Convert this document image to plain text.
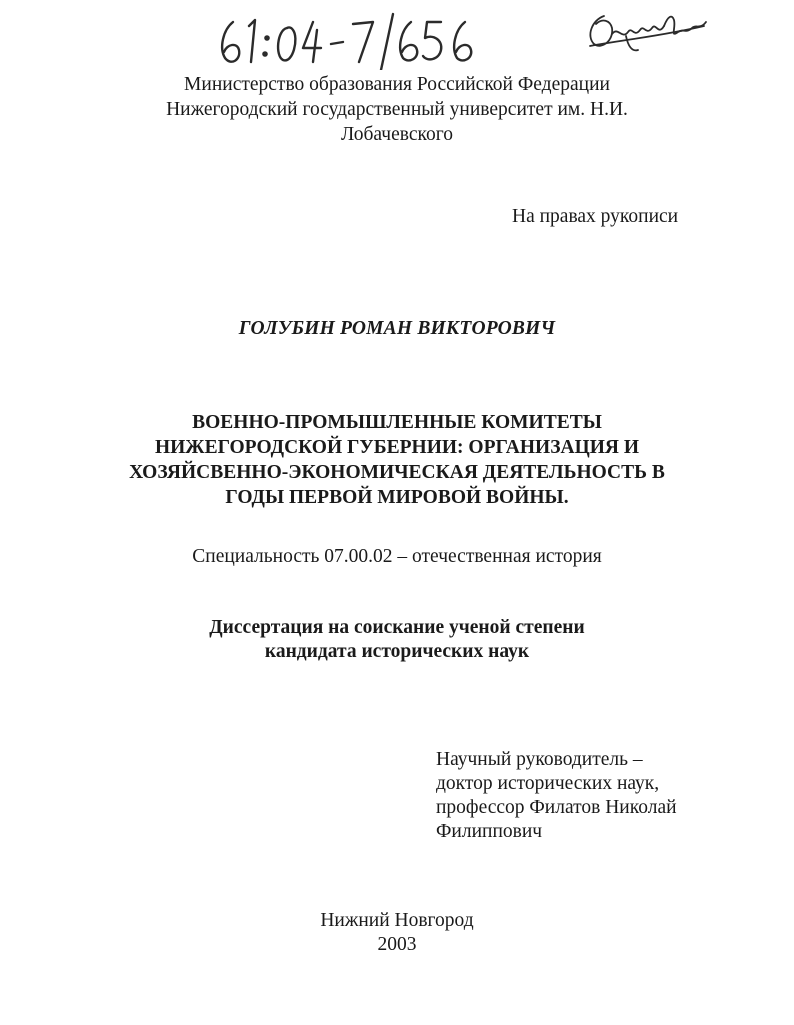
Министерство образования Российской Федерации
Нижегородский государственный университет им. Н.И.
Лобачевского
На правах рукописи
ГОЛУБИН РОМАН ВИКТОРОВИЧ
ВОЕННО-ПРОМЫШЛЕННЫЕ КОМИТЕТЫ
НИЖЕГОРОДСКОЙ ГУБЕРНИИ: ОРГАНИЗАЦИЯ И
ХОЗЯЙСВЕННО-ЭКОНОМИЧЕСКАЯ ДЕЯТЕЛЬНОСТЬ В
ГОДЫ ПЕРВОЙ МИРОВОЙ ВОЙНЫ.
Специальность 07.00.02 – отечественная история
Диссертация на соискание ученой степени
кандидата исторических наук
Научный руководитель –
доктор исторических наук,
профессор Филатов Николай
Филиппович
Нижний Новгород
2003
